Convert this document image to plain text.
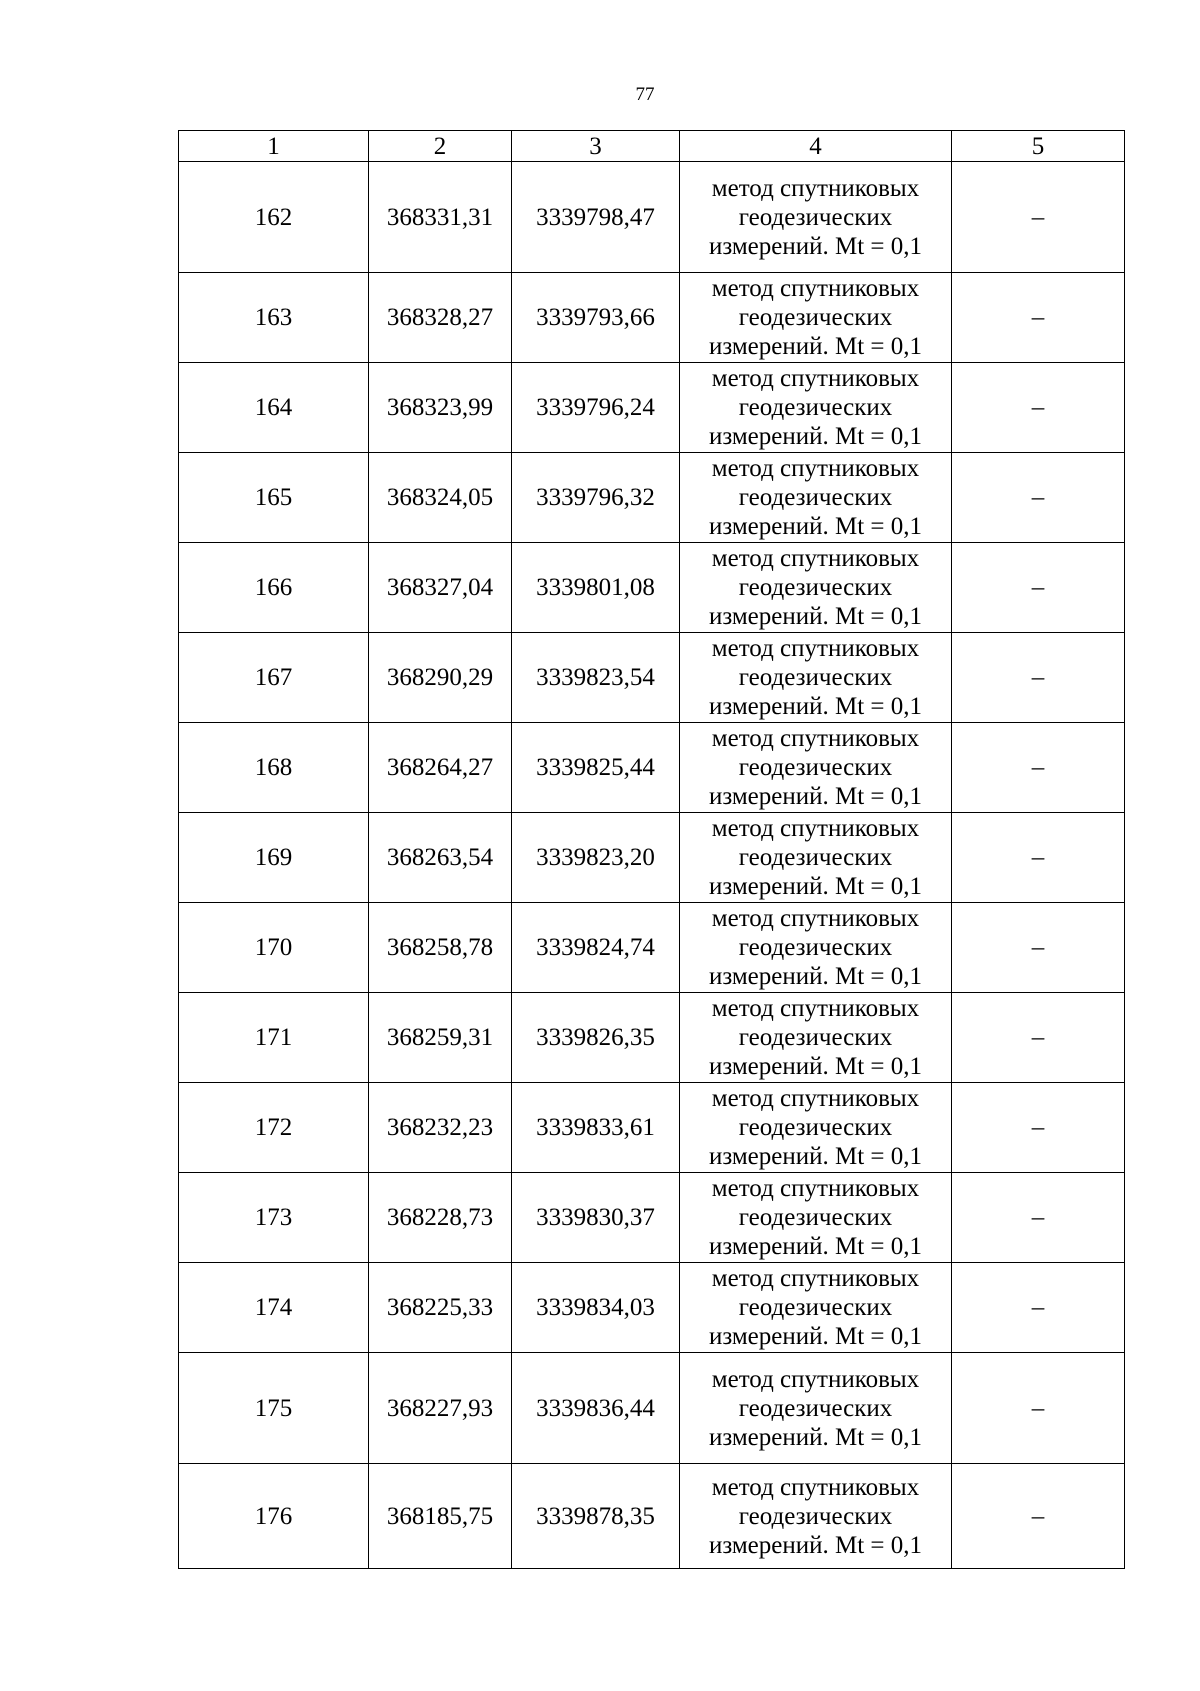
77
1	2	3	4	5
162	368331,31	3339798,47	метод спутниковых
геодезических
измерений. Mt = 0,1	–
163	368328,27	3339793,66	метод спутниковых
геодезических
измерений. Mt = 0,1	–
164	368323,99	3339796,24	метод спутниковых
геодезических
измерений. Mt = 0,1	–
165	368324,05	3339796,32	метод спутниковых
геодезических
измерений. Mt = 0,1	–
166	368327,04	3339801,08	метод спутниковых
геодезических
измерений. Mt = 0,1	–
167	368290,29	3339823,54	метод спутниковых
геодезических
измерений. Mt = 0,1	–
168	368264,27	3339825,44	метод спутниковых
геодезических
измерений. Mt = 0,1	–
169	368263,54	3339823,20	метод спутниковых
геодезических
измерений. Mt = 0,1	–
170	368258,78	3339824,74	метод спутниковых
геодезических
измерений. Mt = 0,1	–
171	368259,31	3339826,35	метод спутниковых
геодезических
измерений. Mt = 0,1	–
172	368232,23	3339833,61	метод спутниковых
геодезических
измерений. Mt = 0,1	–
173	368228,73	3339830,37	метод спутниковых
геодезических
измерений. Mt = 0,1	–
174	368225,33	3339834,03	метод спутниковых
геодезических
измерений. Mt = 0,1	–
175	368227,93	3339836,44	метод спутниковых
геодезических
измерений. Mt = 0,1	–
176	368185,75	3339878,35	метод спутниковых
геодезических
измерений. Mt = 0,1	–
